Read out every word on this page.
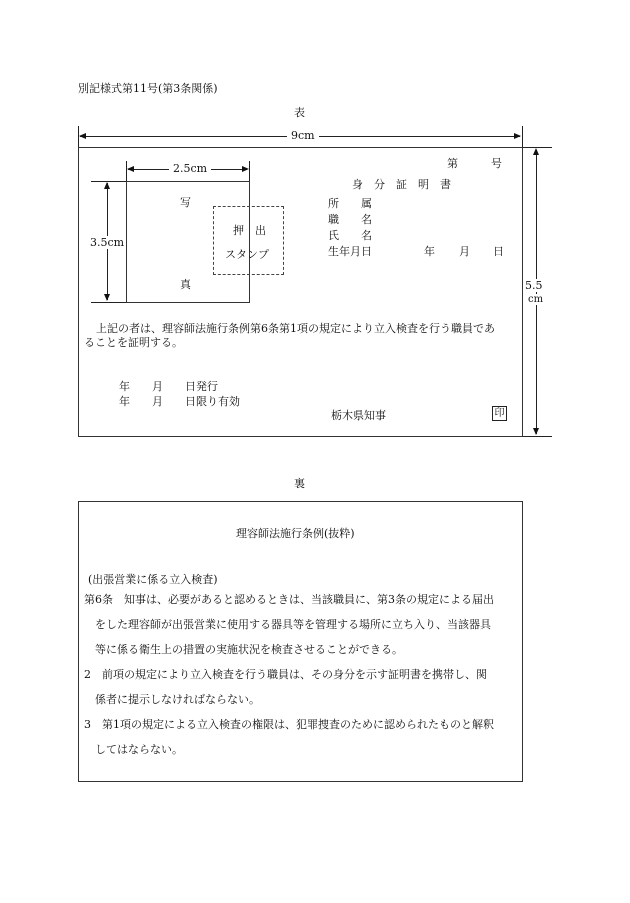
別記様式第11号(第3条関係)
表
9cm
5.5
cm
写
真
2.5cm
3.5cm
押　出
スタンプ
第　　　号
身　分　証　明　書
所　　属
職　　名
氏　　名
生年月日	年 月 日
上記の者は、理容師法施行条例第6条第1項の規定により立入検査を行う職員であ
ることを証明する。
年　　月　　日発行
年　　月　　日限り有効
栃木県知事	印
裏
理容師法施行条例(抜粋)
(出張営業に係る立入検査)
第6条　知事は、必要があると認めるときは、当該職員に、第3条の規定による届出
　をした理容師が出張営業に使用する器具等を管理する場所に立ち入り、当該器具
　等に係る衛生上の措置の実施状況を検査させることができる。
2　前項の規定により立入検査を行う職員は、その身分を示す証明書を携帯し、関
　係者に提示しなければならない。
3　第1項の規定による立入検査の権限は、犯罪捜査のために認められたものと解釈
　してはならない。
